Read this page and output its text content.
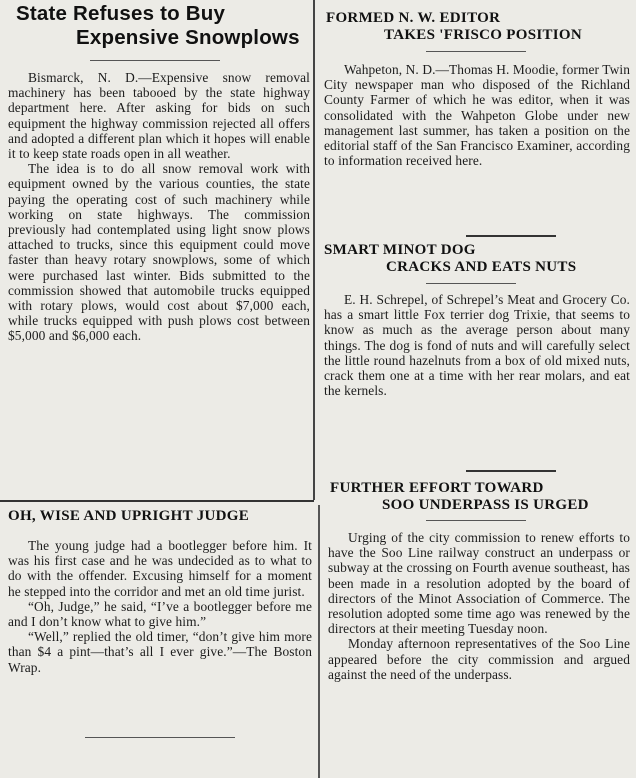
State Refuses to Buy
Expensive Snowplows

Bismarck, N. D.—Expensive snow removal machinery has been tabooed by the state highway department here. After asking for bids on such equipment the highway commission rejected all offers and adopted a different plan which it hopes will enable it to keep state roads open in all weather.

The idea is to do all snow removal work with equipment owned by the various counties, the state paying the operating cost of such machinery while working on state highways. The commission previously had contemplated using light snow plows attached to trucks, since this equipment could move faster than heavy rotary snowplows, some of which were purchased last winter. Bids submitted to the commission showed that automobile trucks equipped with rotary plows, would cost about $7,000 each, while trucks equipped with push plows cost between $5,000 and $6,000 each.

OH, WISE AND UPRIGHT JUDGE

The young judge had a bootlegger before him. It was his first case and he was undecided as to what to do with the offender. Excusing himself for a moment he stepped into the corridor and met an old time jurist.

“Oh, Judge,” he said, “I’ve a bootlegger before me and I don’t know what to give him.”

“Well,” replied the old timer, “don’t give him more than $4 a pint—that’s all I ever give.”—The Boston Wrap.

FORMED N. W. EDITOR
TAKES 'FRISCO POSITION

Wahpeton, N. D.—Thomas H. Moodie, former Twin City newspaper man who disposed of the Richland County Farmer of which he was editor, when it was consolidated with the Wahpeton Globe under new management last summer, has taken a position on the editorial staff of the San Francisco Examiner, according to information received here.

SMART MINOT DOG
CRACKS AND EATS NUTS

E. H. Schrepel, of Schrepel’s Meat and Grocery Co. has a smart little Fox terrier dog Trixie, that seems to know as much as the average person about many things. The dog is fond of nuts and will carefully select the little round hazelnuts from a box of old mixed nuts, crack them one at a time with her rear molars, and eat the kernels.

FURTHER EFFORT TOWARD
SOO UNDERPASS IS URGED

Urging of the city commission to renew efforts to have the Soo Line railway construct an underpass or subway at the crossing on Fourth avenue southeast, has been made in a resolution adopted by the board of directors of the Minot Association of Commerce. The resolution adopted some time ago was renewed by the directors at their meeting Tuesday noon.

Monday afternoon representatives of the Soo Line appeared before the city commission and argued against the need of the underpass.
